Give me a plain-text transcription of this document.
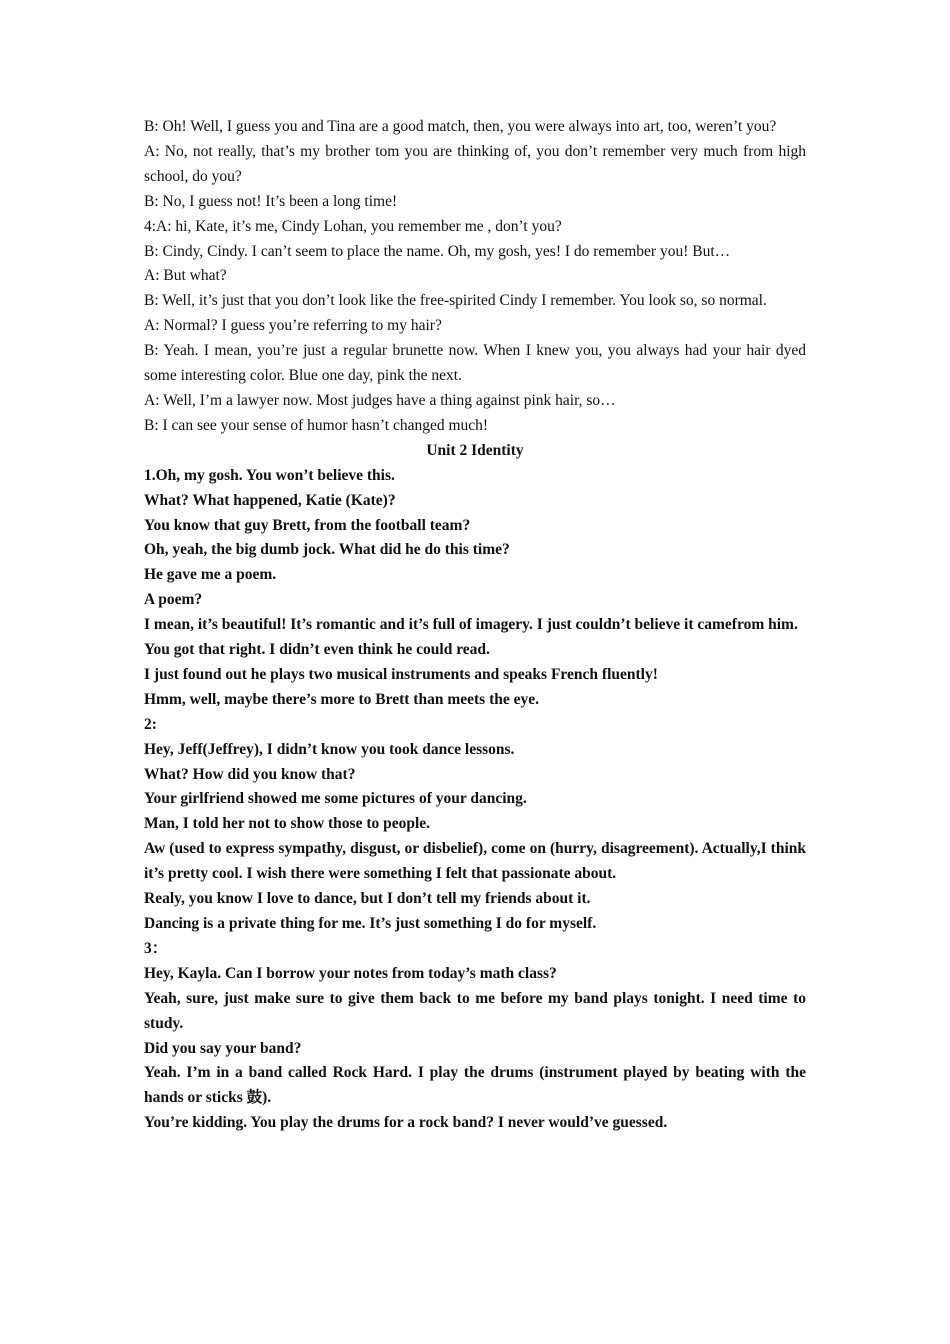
B: Oh! Well, I guess you and Tina are a good match, then, you were always into art, too, weren’t you?

A: No, not really, that’s my brother tom you are thinking of, you don’t remember very much from high school, do you?

B: No, I guess not! It’s been a long time!

4:A: hi, Kate, it’s me, Cindy Lohan, you remember me , don’t you?

B: Cindy, Cindy. I can’t seem to place the name. Oh, my gosh, yes! I do remember you! But…

A: But what?

B: Well, it’s just that you don’t look like the free-spirited Cindy I remember. You look so, so normal.

A: Normal? I guess you’re referring to my hair?

B: Yeah. I mean, you’re just a regular brunette now. When I knew you, you always had your hair dyed some interesting color. Blue one day, pink the next.

A: Well, I’m a lawyer now. Most judges have a thing against pink hair, so…

B: I can see your sense of humor hasn’t changed much!

Unit 2 Identity

1.Oh, my gosh. You won’t believe this.

What? What happened, Katie (Kate)?

You know that guy Brett, from the football team?

Oh, yeah, the big dumb jock. What did he do this time?

He gave me a poem.

A poem?

I mean, it’s beautiful! It’s romantic and it’s full of imagery. I just couldn’t believe it camefrom him.

You got that right. I didn’t even think he could read.

I just found out he plays two musical instruments and speaks French fluently!

Hmm, well, maybe there’s more to Brett than meets the eye.

2:

Hey, Jeff(Jeffrey), I didn’t know you took dance lessons.

What? How did you know that?

Your girlfriend showed me some pictures of your dancing.

Man, I told her not to show those to people.

Aw (used to express sympathy, disgust, or disbelief), come on (hurry, disagreement). Actually,I think it’s pretty cool. I wish there were something I felt that passionate about.

Realy, you know I love to dance, but I don’t tell my friends about it.

Dancing is a private thing for me. It’s just something I do for myself.

3：

Hey, Kayla. Can I borrow your notes from today’s math class?

Yeah, sure, just make sure to give them back to me before my band plays tonight. I need time to study.

Did you say your band?

Yeah. I’m in a band called Rock Hard. I play the drums (instrument played by beating with the hands or sticks 鼓).

You’re kidding. You play the drums for a rock band? I never would’ve guessed.
